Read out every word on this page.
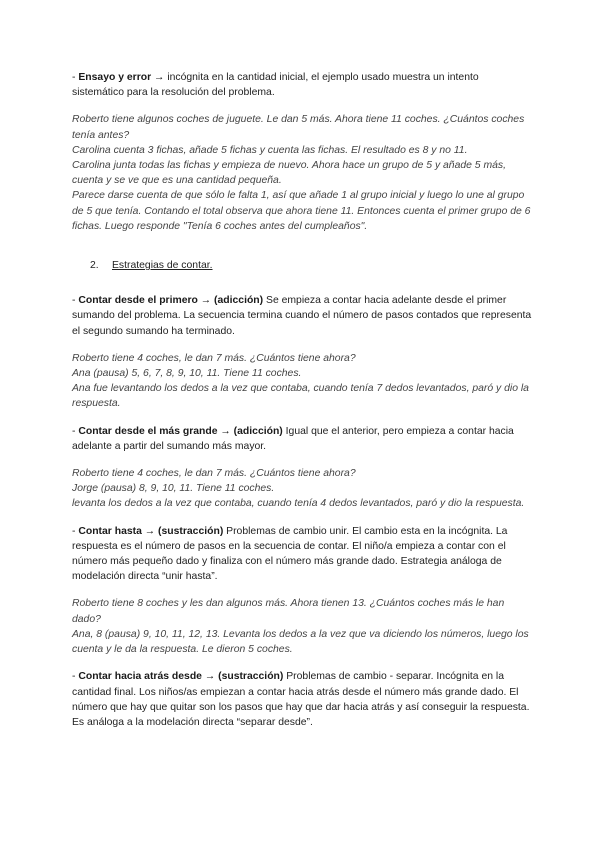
- Ensayo y error → incógnita en la cantidad inicial, el ejemplo usado muestra un intento sistemático para la resolución del problema.

Roberto tiene algunos coches de juguete. Le dan 5 más. Ahora tiene 11 coches. ¿Cuántos coches tenía antes?

Carolina cuenta 3 fichas, añade 5 fichas y cuenta las fichas. El resultado es 8 y no 11.

Carolina junta todas las fichas y empieza de nuevo. Ahora hace un grupo de 5 y añade 5 más, cuenta y se ve que es una cantidad pequeña.

Parece darse cuenta de que sólo le falta 1, así que añade 1 al grupo inicial y luego lo une al grupo de 5 que tenía. Contando el total observa que ahora tiene 11. Entonces cuenta el primer grupo de 6 fichas. Luego responde "Tenía 6 coches antes del cumpleaños".

2. Estrategias de contar.

- Contar desde el primero → (adicción) Se empieza a contar hacia adelante desde el primer sumando del problema. La secuencia termina cuando el número de pasos contados que representa el segundo sumando ha terminado.

Roberto tiene 4 coches, le dan 7 más. ¿Cuántos tiene ahora?

Ana (pausa) 5, 6, 7, 8, 9, 10, 11. Tiene 11 coches.

Ana fue levantando los dedos a la vez que contaba, cuando tenía 7 dedos levantados, paró y dio la respuesta.

- Contar desde el más grande → (adicción) Igual que el anterior, pero empieza a contar hacia adelante a partir del sumando más mayor.

Roberto tiene 4 coches, le dan 7 más. ¿Cuántos tiene ahora?

Jorge (pausa) 8, 9, 10, 11. Tiene 11 coches.

levanta los dedos a la vez que contaba, cuando tenía 4 dedos levantados, paró y dio la respuesta.

- Contar hasta → (sustracción) Problemas de cambio unir. El cambio esta en la incógnita. La respuesta es el número de pasos en la secuencia de contar. El niño/a empieza a contar con el número más pequeño dado y finaliza con el número más grande dado. Estrategia análoga de modelación directa “unir hasta”.

Roberto tiene 8 coches y les dan algunos más. Ahora tienen 13. ¿Cuántos coches más le han dado?

Ana, 8 (pausa) 9, 10, 11, 12, 13. Levanta los dedos a la vez que va diciendo los números, luego los cuenta y le da la respuesta. Le dieron 5 coches.

- Contar hacia atrás desde → (sustracción) Problemas de cambio - separar. Incógnita en la cantidad final. Los niños/as empiezan a contar hacia atrás desde el número más grande dado. El número que hay que quitar son los pasos que hay que dar hacia atrás y así conseguir la respuesta.

Es análoga a la modelación directa “separar desde”.
